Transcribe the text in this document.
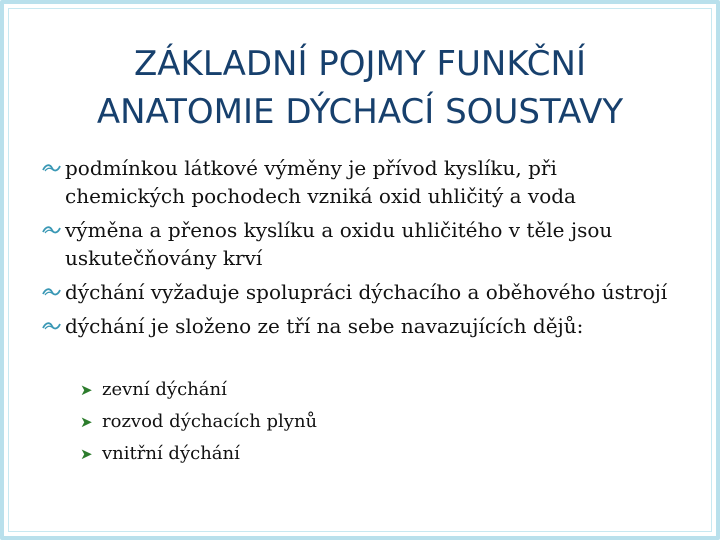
ZÁKLADNÍ POJMY FUNKČNÍ
ANATOMIE DÝCHACÍ SOUSTAVY
podmínkou látkové výměny je přívod kyslíku, při chemických pochodech vzniká oxid uhličitý a voda
výměna a přenos kyslíku a oxidu uhličitého v těle jsou uskutečňovány krví
dýchání vyžaduje spolupráci dýchacího a oběhového ústrojí
dýchání je složeno ze tří na sebe navazujících dějů:
➤ zevní dýchání
➤ rozvod dýchacích plynů
➤ vnitřní dýchání
